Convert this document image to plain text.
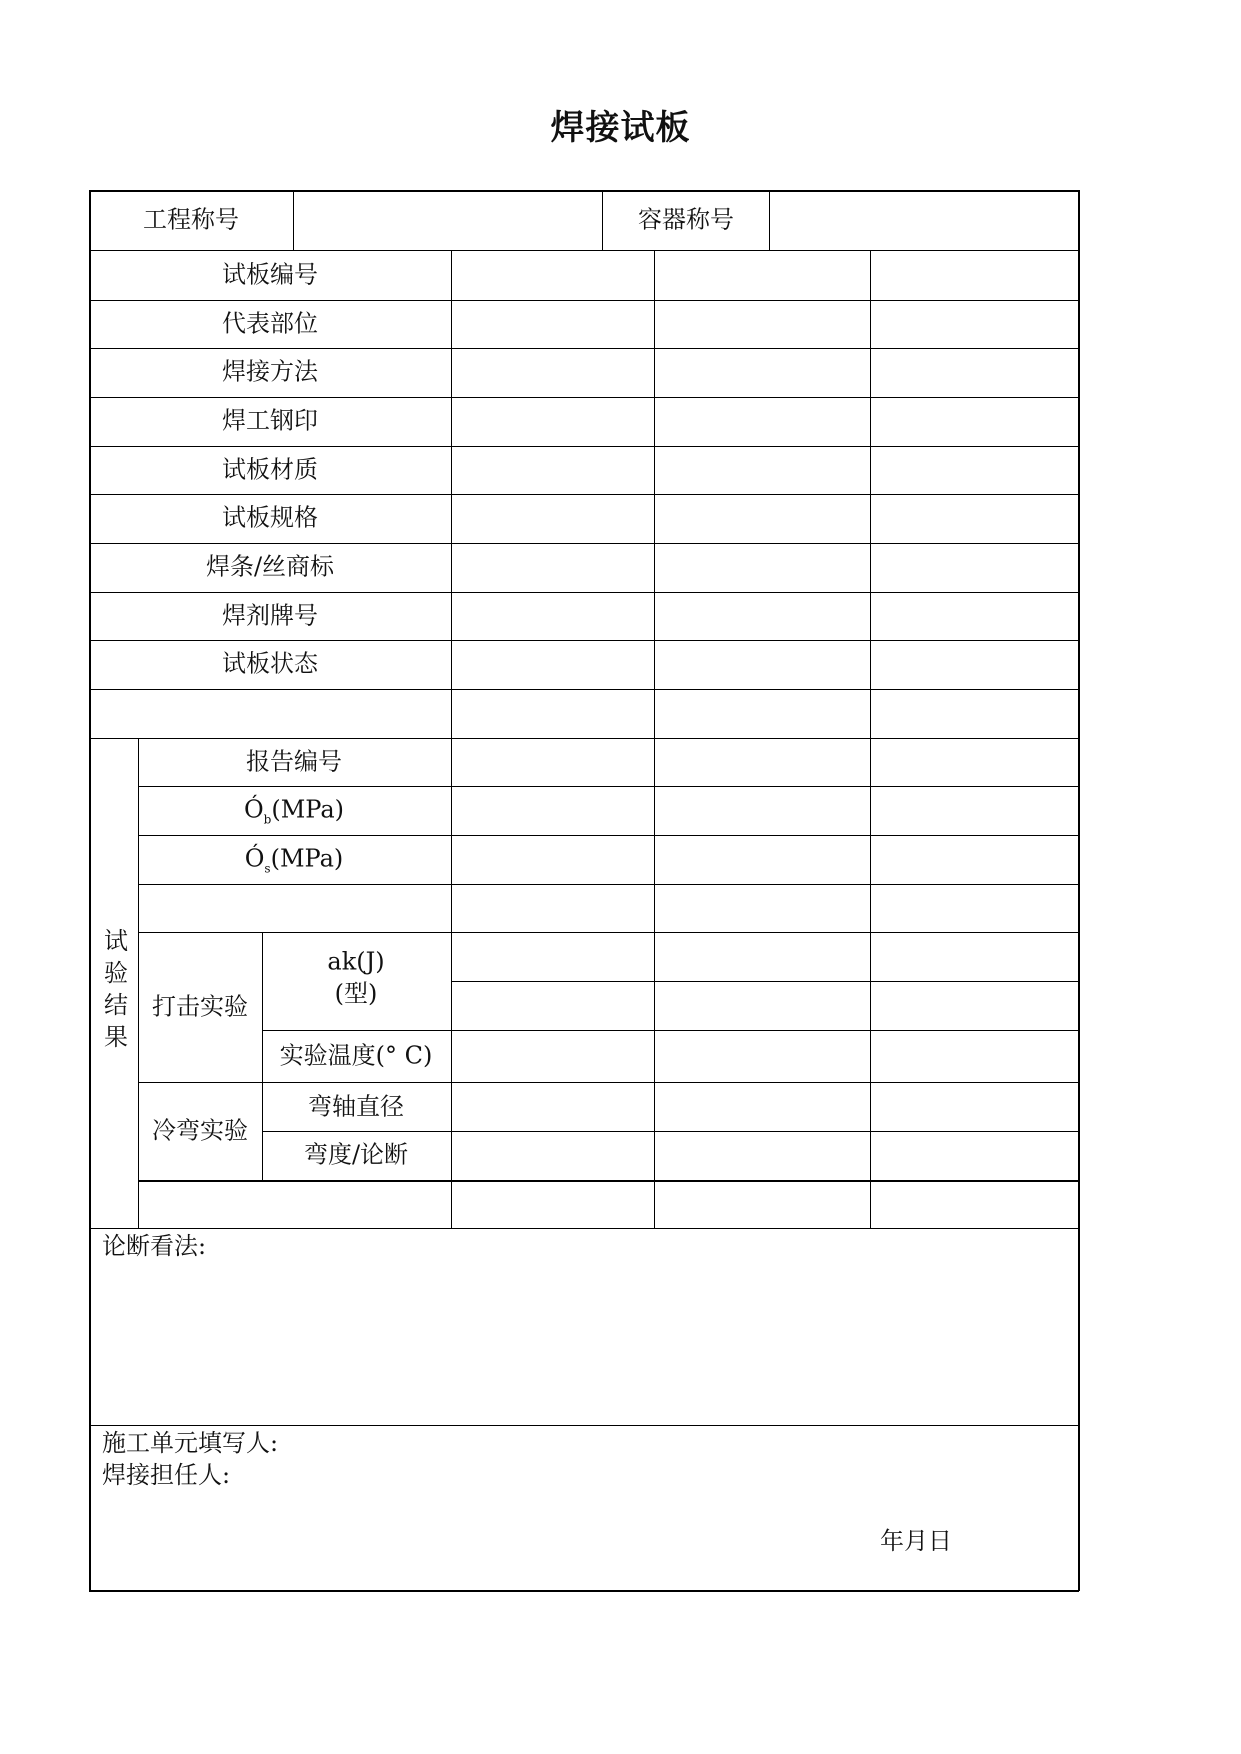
焊接试板
工程称号	容器称号
试板编号
代表部位
焊接方法
焊工钢印
试板材质
试板规格
焊条/丝商标
焊剂牌号
试板状态
试
验
结
果
报告编号
$Ó_b(MPa)$
$Ó_s(MPa)$
打击实验
ak(J)
(型)
实验温度(° C)
冷弯实验
弯轴直径
弯度/论断
论断看法:
施工单元填写人:
焊接担任人:
年月日
